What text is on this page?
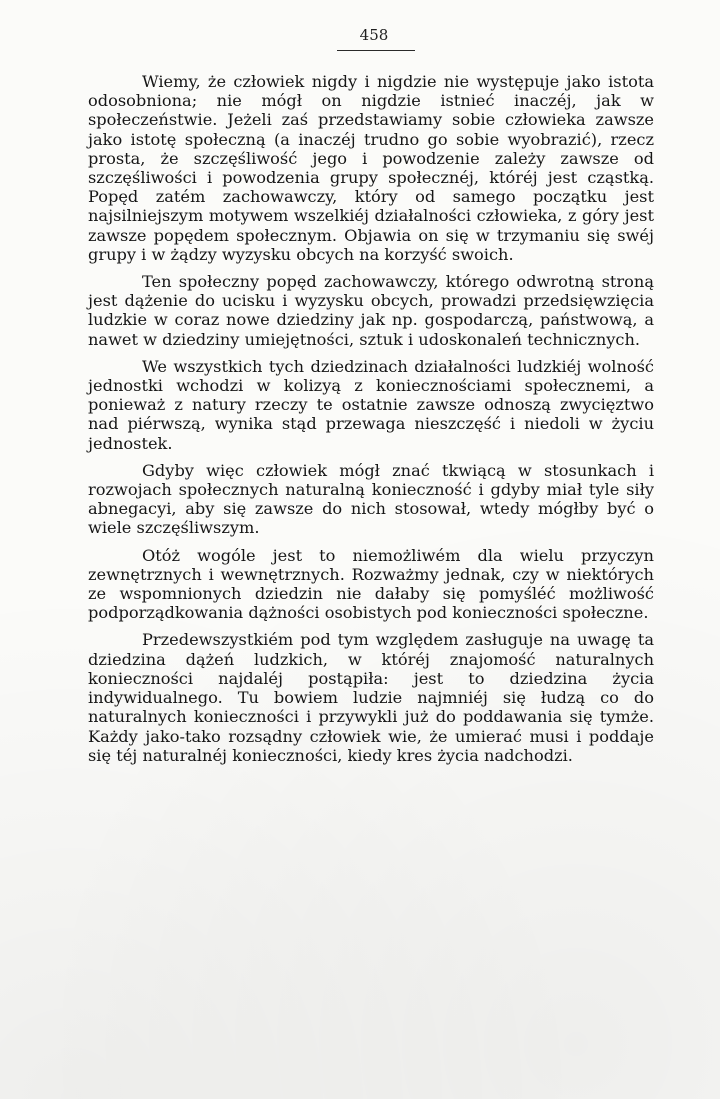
458

Wiemy, że człowiek nigdy i nigdzie nie występuje jako istota odosobniona; nie mógł on nigdzie istnieć inaczéj, jak w społeczeństwie. Jeżeli zaś przedstawiamy sobie człowieka zawsze jako istotę społeczną (a inaczéj trudno go sobie wyobrazić), rzecz prosta, że szczęśliwość jego i powodzenie zależy zawsze od szczęśliwości i powodzenia grupy społecznéj, któréj jest cząstką. Popęd zatém zachowawczy, który od samego początku jest najsilniejszym motywem wszelkiéj działalności człowieka, z góry jest zawsze popędem społecznym. Objawia on się w trzymaniu się swéj grupy i w żądzy wyzysku obcych na korzyść swoich.

Ten społeczny popęd zachowawczy, którego odwrotną stroną jest dążenie do ucisku i wyzysku obcych, prowadzi przedsięwzięcia ludzkie w coraz nowe dziedziny jak np. gospodarczą, państwową, a nawet w dziedziny umiejętności, sztuk i udoskonaleń technicznych.

We wszystkich tych dziedzinach działalności ludzkiéj wolność jednostki wchodzi w kolizyą z koniecznościami społecznemi, a ponieważ z natury rzeczy te ostatnie zawsze odnoszą zwycięztwo nad piérwszą, wynika stąd przewaga nieszczęść i niedoli w życiu jednostek.

Gdyby więc człowiek mógł znać tkwiącą w stosunkach i rozwojach społecznych naturalną konieczność i gdyby miał tyle siły abnegacyi, aby się zawsze do nich stosował, wtedy mógłby być o wiele szczęśliwszym.

Otóż wogóle jest to niemożliwém dla wielu przyczyn zewnętrznych i wewnętrznych. Rozważmy jednak, czy w niektórych ze wspomnionych dziedzin nie dałaby się pomyśléć możliwość podporządkowania dążności osobistych pod konieczności społeczne.

Przedewszystkiém pod tym względem zasługuje na uwagę ta dziedzina dążeń ludzkich, w któréj znajomość naturalnych konieczności najdaléj postąpiła: jest to dziedzina życia indywidualnego. Tu bowiem ludzie najmniéj się łudzą co do naturalnych konieczności i przywykli już do poddawania się tymże. Każdy jako-tako rozsądny człowiek wie, że umierać musi i poddaje się téj naturalnéj konieczności, kiedy kres życia nadchodzi.
